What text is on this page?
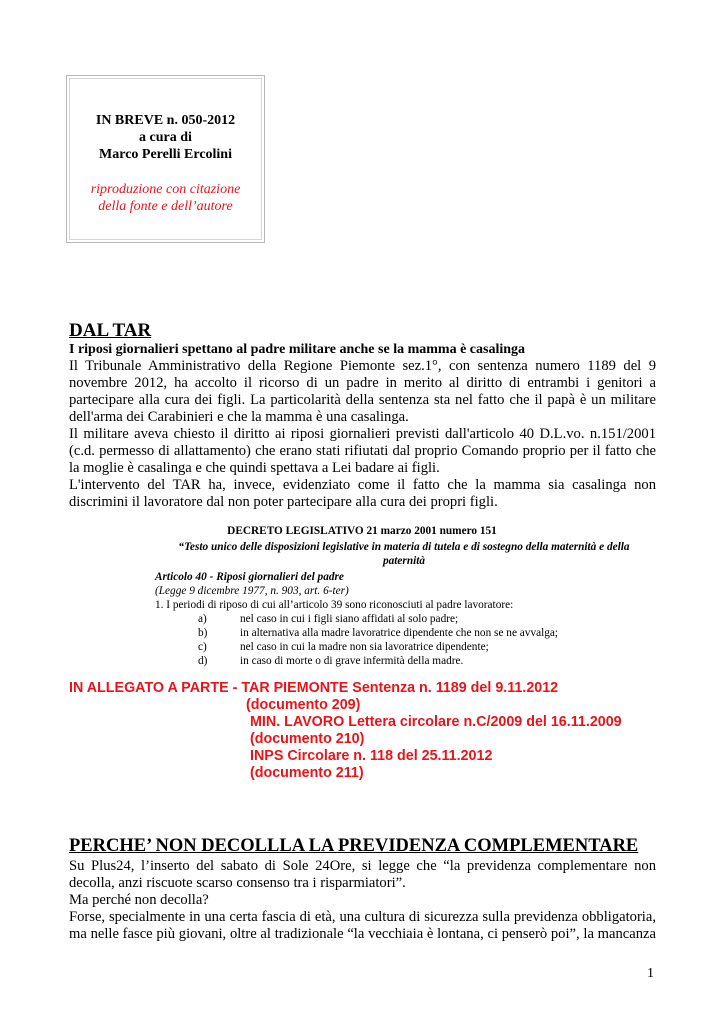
IN BREVE n. 050-2012
a cura di
Marco Perelli Ercolini
riproduzione con citazione
della fonte e dell’autore
DAL TAR
I riposi giornalieri spettano al padre militare anche se la mamma è casalinga
Il Tribunale Amministrativo della Regione Piemonte sez.1°, con sentenza numero 1189 del 9
novembre 2012, ha accolto il ricorso di un padre in merito al diritto di entrambi i genitori a
partecipare alla cura dei figli. La particolarità della sentenza sta nel fatto che il papà è un militare
dell'arma dei Carabinieri e che la mamma è una casalinga.
Il militare aveva chiesto il diritto ai riposi giornalieri previsti dall'articolo 40 D.L.vo. n.151/2001
(c.d. permesso di allattamento) che erano stati rifiutati dal proprio Comando proprio per il fatto che
la moglie è casalinga e che quindi spettava a Lei badare ai figli.
L'intervento del TAR ha, invece, evidenziato come il fatto che la mamma sia casalinga non
discrimini il lavoratore dal non poter partecipare alla cura dei propri figli.
DECRETO LEGISLATIVO 21 marzo 2001 numero 151
“Testo unico delle disposizioni legislative in materia di tutela e di sostegno della maternità e della
paternità
Articolo 40 - Riposi giornalieri del padre
(Legge 9 dicembre 1977, n. 903, art. 6-ter)
1. I periodi di riposo di cui all’articolo 39 sono riconosciuti al padre lavoratore:
a)	nel caso in cui i figli siano affidati al solo padre;
b)	in alternativa alla madre lavoratrice dipendente che non se ne avvalga;
c)	nel caso in cui la madre non sia lavoratrice dipendente;
d)	in caso di morte o di grave infermità della madre.
IN ALLEGATO A PARTE - TAR PIEMONTE Sentenza n. 1189 del 9.11.2012
(documento 209)
MIN. LAVORO Lettera circolare n.C/2009 del 16.11.2009
(documento 210)
INPS Circolare n. 118 del 25.11.2012
(documento 211)
PERCHE’ NON DECOLLLA LA PREVIDENZA COMPLEMENTARE
Su Plus24, l’inserto del sabato di Sole 24Ore, si legge che “la previdenza complementare non
decolla, anzi riscuote scarso consenso tra i risparmiatori”.
Ma perché non decolla?
Forse, specialmente in una certa fascia di età, una cultura di sicurezza sulla previdenza obbligatoria,
ma nelle fasce più giovani, oltre al tradizionale “la vecchiaia è lontana, ci penserò poi”, la mancanza
1
